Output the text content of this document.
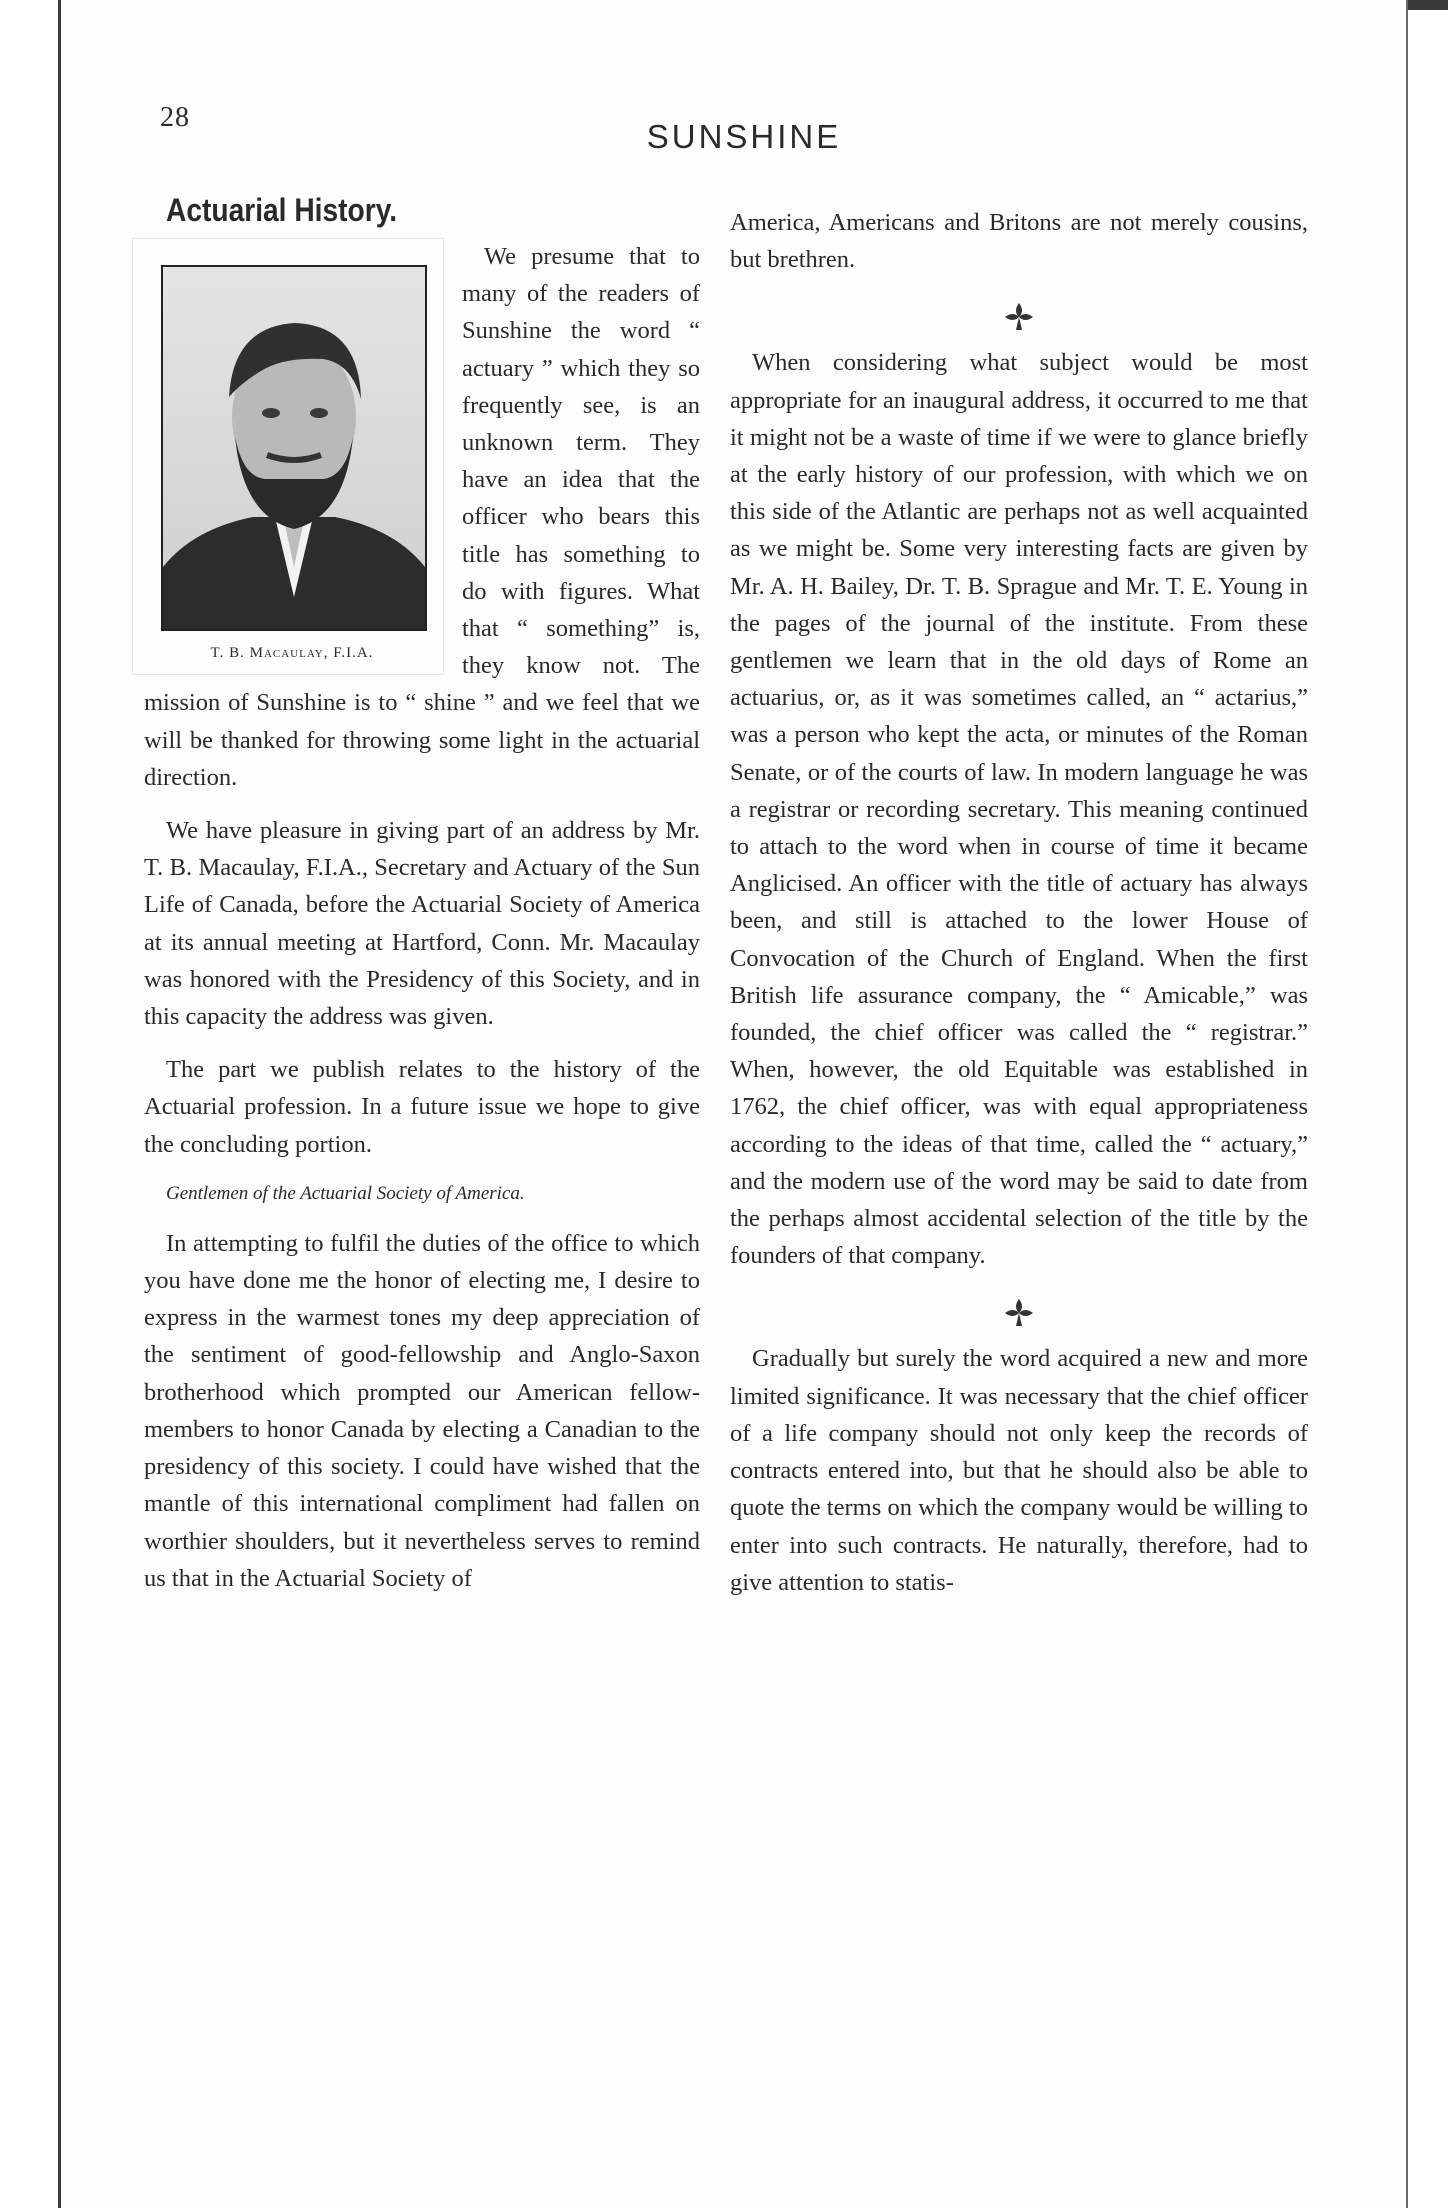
28
SUNSHINE
Actuarial History.

T. B. Macaulay, F.I.A.
We presume that to many of the readers of Sunshine the word “ actuary ” which they so frequently see, is an unknown term. They have an idea that the officer who bears this title has something to do with figures. What that “ something” is, they know not. The mission of Sunshine is to “ shine ” and we feel that we will be thanked for throwing some light in the actuarial direction.

We have pleasure in giving part of an address by Mr. T. B. Macaulay, F.I.A., Secretary and Actuary of the Sun Life of Canada, before the Actuarial Society of America at its annual meeting at Hartford, Conn. Mr. Macaulay was honored with the Presidency of this Society, and in this capacity the address was given.

The part we publish relates to the history of the Actuarial profession. In a future issue we hope to give the concluding portion.

Gentlemen of the Actuarial Society of America.

In attempting to fulfil the duties of the office to which you have done me the honor of electing me, I desire to express in the warmest tones my deep appreciation of the sentiment of good-fellowship and Anglo-Saxon brotherhood which prompted our American fellow-members to honor Canada by electing a Canadian to the presidency of this society. I could have wished that the mantle of this international compliment had fallen on worthier shoulders, but it nevertheless serves to remind us that in the Actuarial Society of

America, Americans and Britons are not merely cousins, but brethren.

When considering what subject would be most appropriate for an inaugural address, it occurred to me that it might not be a waste of time if we were to glance briefly at the early history of our profession, with which we on this side of the Atlantic are perhaps not as well acquainted as we might be. Some very interesting facts are given by Mr. A. H. Bailey, Dr. T. B. Sprague and Mr. T. E. Young in the pages of the journal of the institute. From these gentlemen we learn that in the old days of Rome an actuarius, or, as it was sometimes called, an “ actarius,” was a person who kept the acta, or minutes of the Roman Senate, or of the courts of law. In modern language he was a registrar or recording secretary. This meaning continued to attach to the word when in course of time it became Anglicised. An officer with the title of actuary has always been, and still is attached to the lower House of Convocation of the Church of England. When the first British life assurance company, the “ Amicable,” was founded, the chief officer was called the “ registrar.” When, however, the old Equitable was established in 1762, the chief officer, was with equal appropriateness according to the ideas of that time, called the “ actuary,” and the modern use of the word may be said to date from the perhaps almost accidental selection of the title by the founders of that company.

Gradually but surely the word acquired a new and more limited significance. It was necessary that the chief officer of a life company should not only keep the records of contracts entered into, but that he should also be able to quote the terms on which the company would be willing to enter into such contracts. He naturally, therefore, had to give attention to statis-
